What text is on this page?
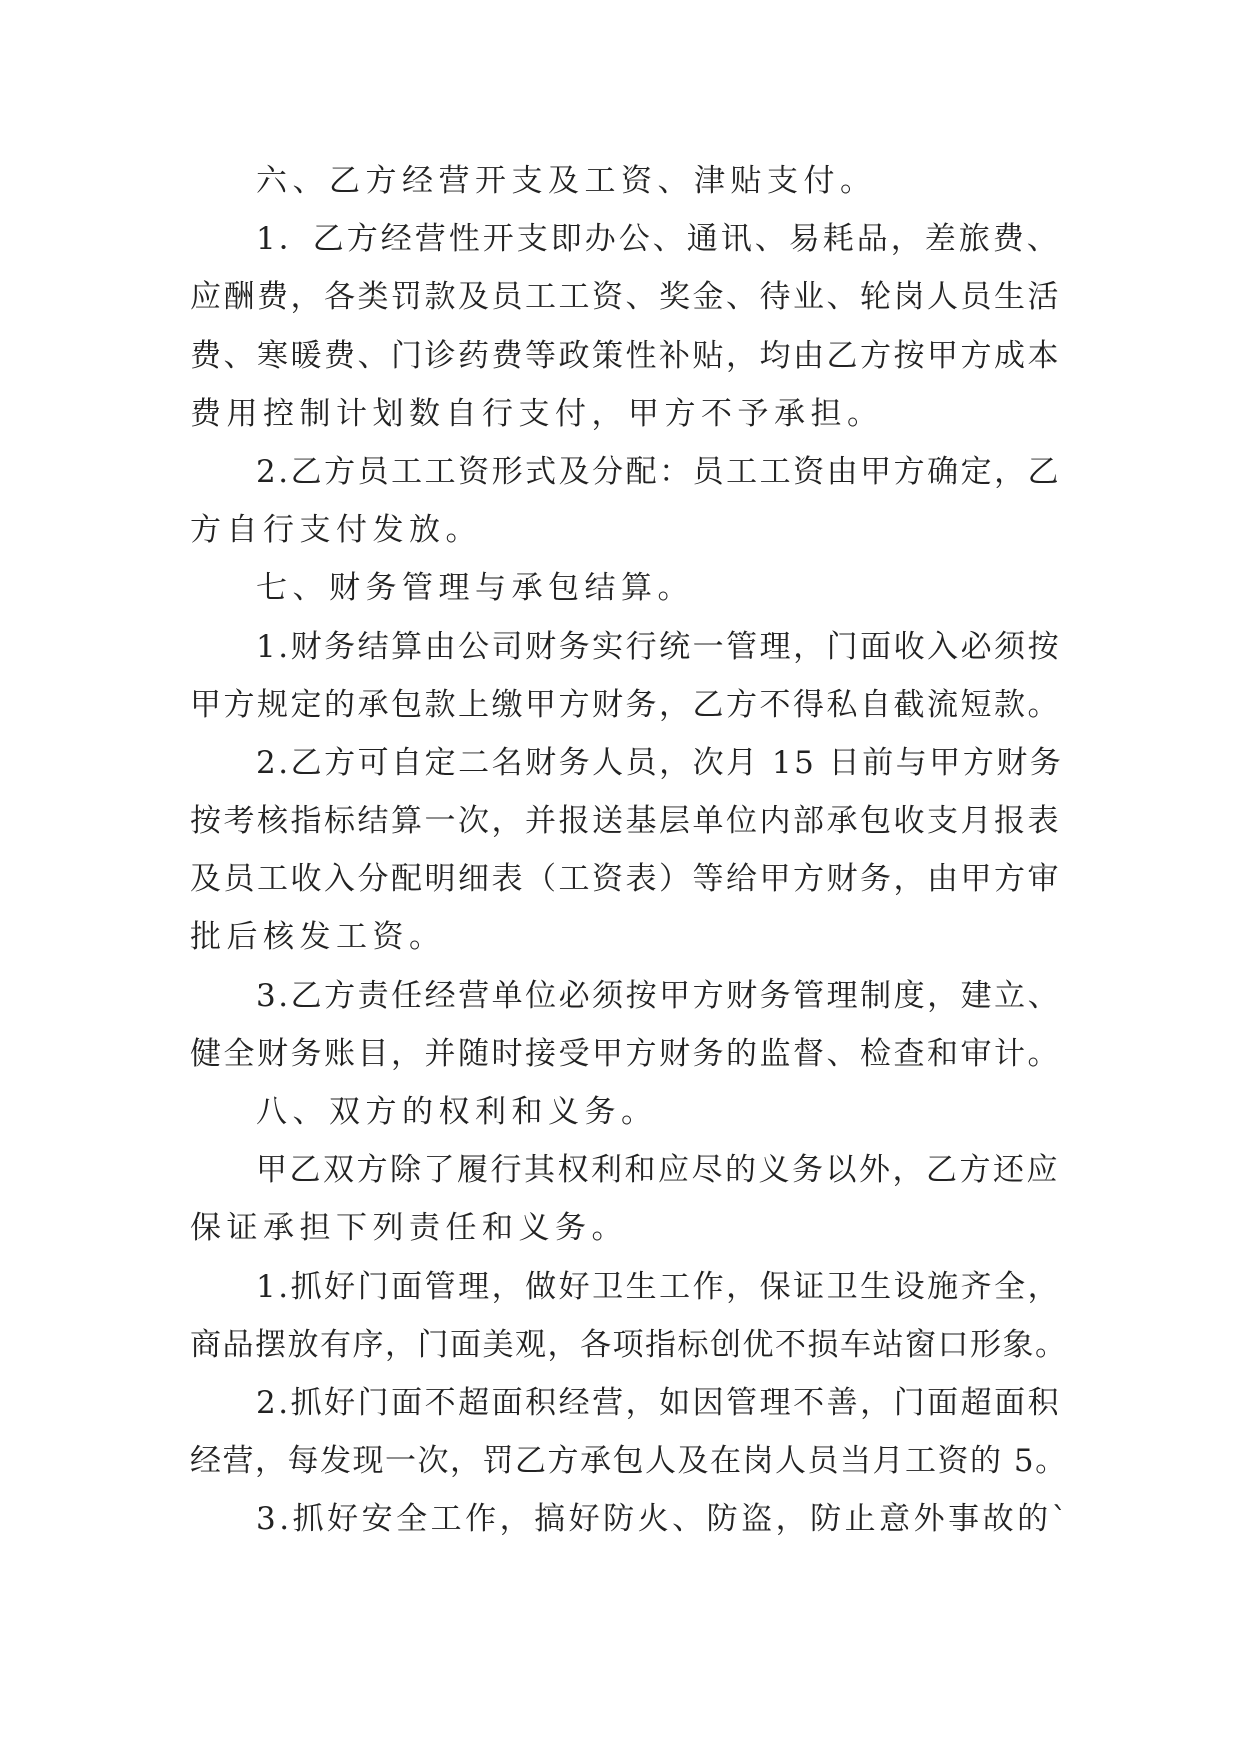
六、乙方经营开支及工资、津贴支付。
1．乙方经营性开支即办公、通讯、易耗品，差旅费、
应酬费，各类罚款及员工工资、奖金、待业、轮岗人员生活
费、寒暖费、门诊药费等政策性补贴，均由乙方按甲方成本
费用控制计划数自行支付，甲方不予承担。
2.乙方员工工资形式及分配：员工工资由甲方确定，乙
方自行支付发放。
七、财务管理与承包结算。
1.财务结算由公司财务实行统一管理，门面收入必须按
甲方规定的承包款上缴甲方财务，乙方不得私自截流短款。
2.乙方可自定二名财务人员，次月 15 日前与甲方财务
按考核指标结算一次，并报送基层单位内部承包收支月报表
及员工收入分配明细表（工资表）等给甲方财务，由甲方审
批后核发工资。
3.乙方责任经营单位必须按甲方财务管理制度，建立、
健全财务账目，并随时接受甲方财务的监督、检查和审计。
八、双方的权利和义务。
甲乙双方除了履行其权利和应尽的义务以外，乙方还应
保证承担下列责任和义务。
1.抓好门面管理，做好卫生工作，保证卫生设施齐全，
商品摆放有序，门面美观，各项指标创优不损车站窗口形象。
2.抓好门面不超面积经营，如因管理不善，门面超面积
经营，每发现一次，罚乙方承包人及在岗人员当月工资的 5。
3.抓好安全工作，搞好防火、防盗，防止意外事故的`
